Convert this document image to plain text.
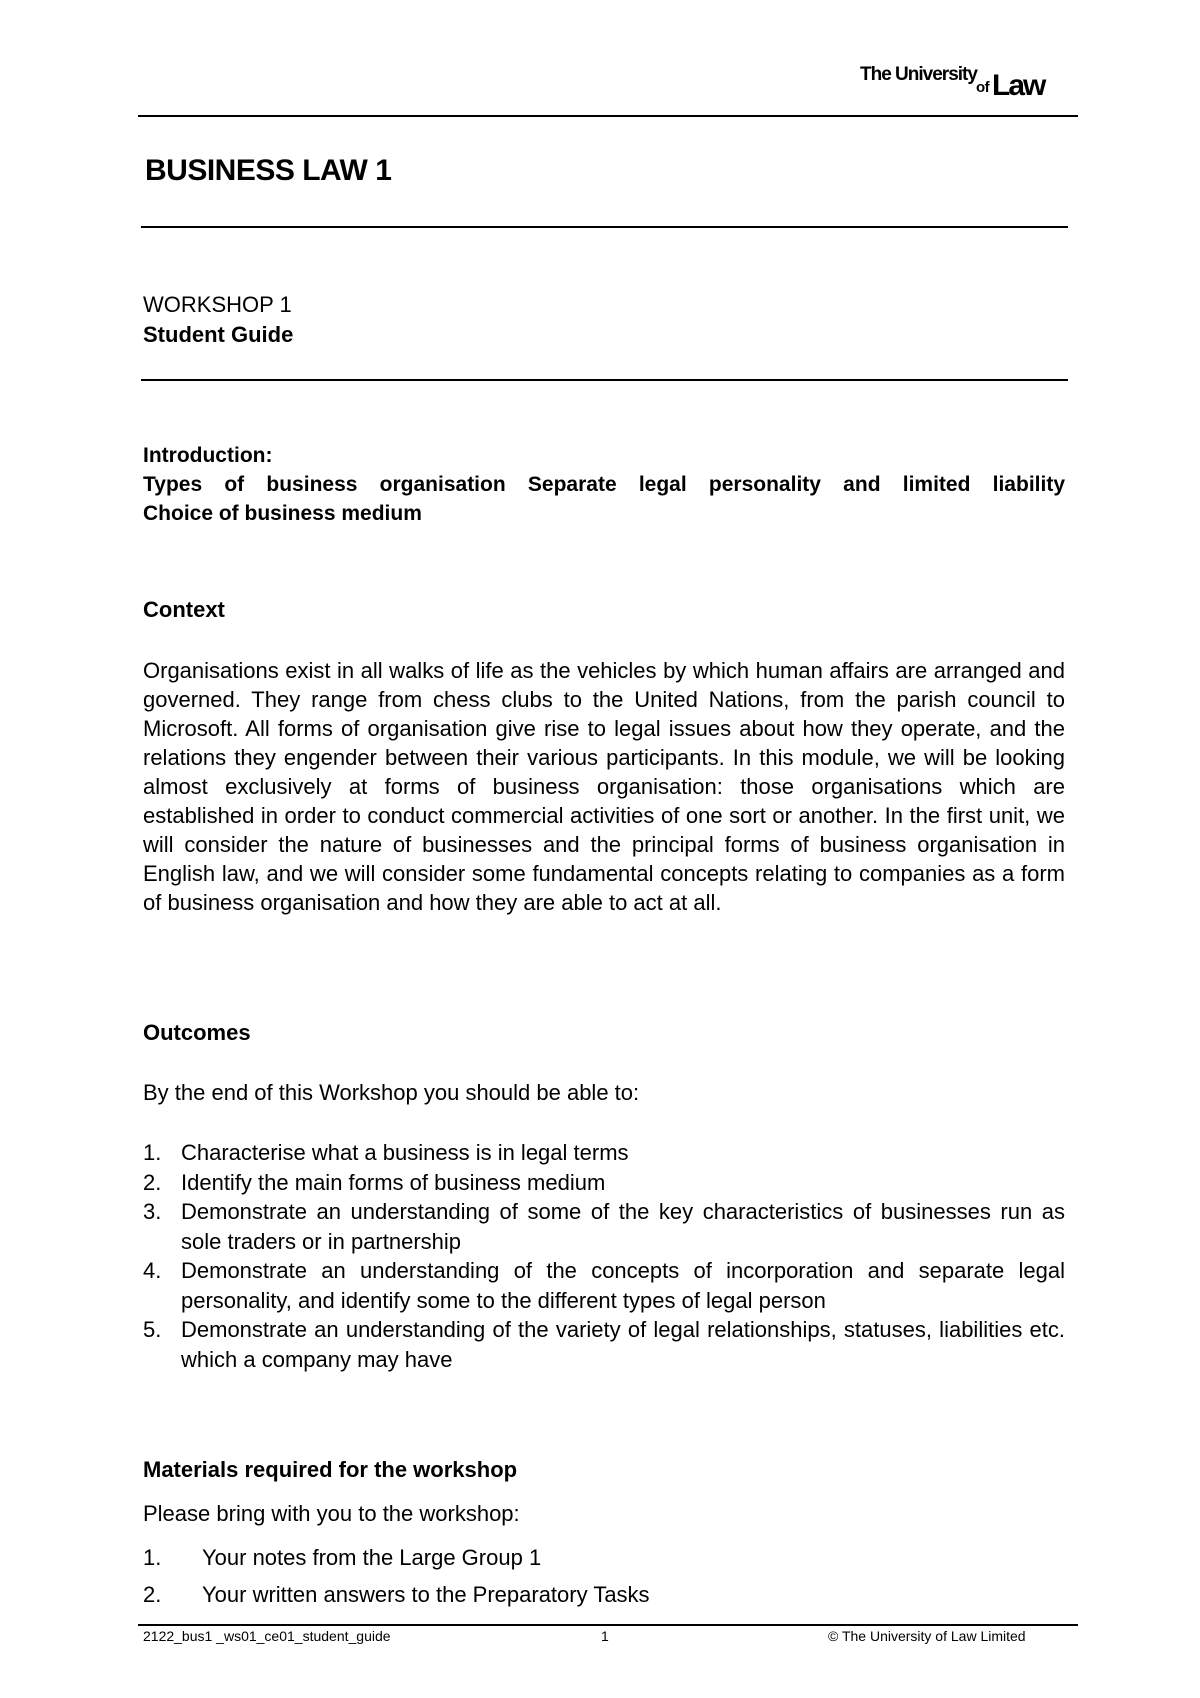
The University
of Law
BUSINESS LAW 1
WORKSHOP 1
Student Guide
Introduction:
Types of business organisation Separate legal personality and limited liability
Choice of business medium
Context
Organisations exist in all walks of life as the vehicles by which human affairs are arranged and governed. They range from chess clubs to the United Nations, from the parish council to Microsoft. All forms of organisation give rise to legal issues about how they operate, and the relations they engender between their various participants. In this module, we will be looking almost exclusively at forms of business organisation: those organisations which are established in order to conduct commercial activities of one sort or another. In the first unit, we will consider the nature of businesses and the principal forms of business organisation in English law, and we will consider some fundamental concepts relating to companies as a form of business organisation and how they are able to act at all.
Outcomes
By the end of this Workshop you should be able to:
1. Characterise what a business is in legal terms
2. Identify the main forms of business medium
3. Demonstrate an understanding of some of the key characteristics of businesses run as sole traders or in partnership
4. Demonstrate an understanding of the concepts of incorporation and separate legal personality, and identify some to the different types of legal person
5. Demonstrate an understanding of the variety of legal relationships, statuses, liabilities etc. which a company may have
Materials required for the workshop
Please bring with you to the workshop:
1. Your notes from the Large Group 1
2. Your written answers to the Preparatory Tasks
2122_bus1 _ws01_ce01_student_guide	1	© The University of Law Limited
